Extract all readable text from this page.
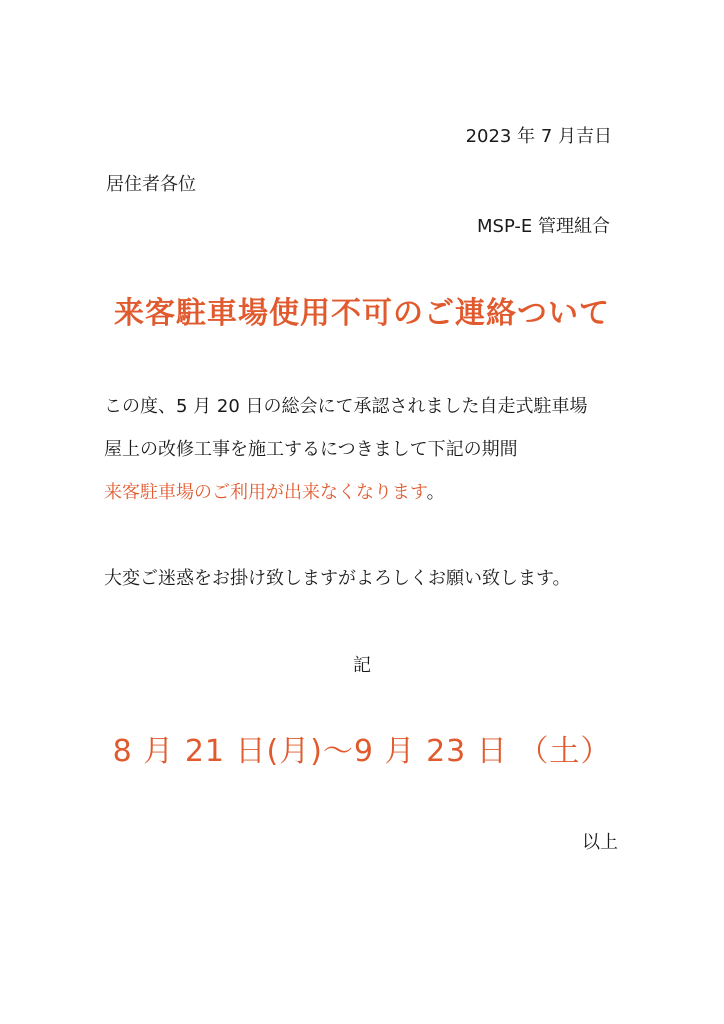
2023 年 7 月吉日

居住者各位

MSP-E 管理組合

来客駐車場使用不可のご連絡ついて

この度、5 月 20 日の総会にて承認されました自走式駐車場

屋上の改修工事を施工するにつきまして下記の期間

来客駐車場のご利用が出来なくなります。

大変ご迷惑をお掛け致しますがよろしくお願い致します。

記

8 月 21 日(月)～9 月 23 日 （土）

以上
